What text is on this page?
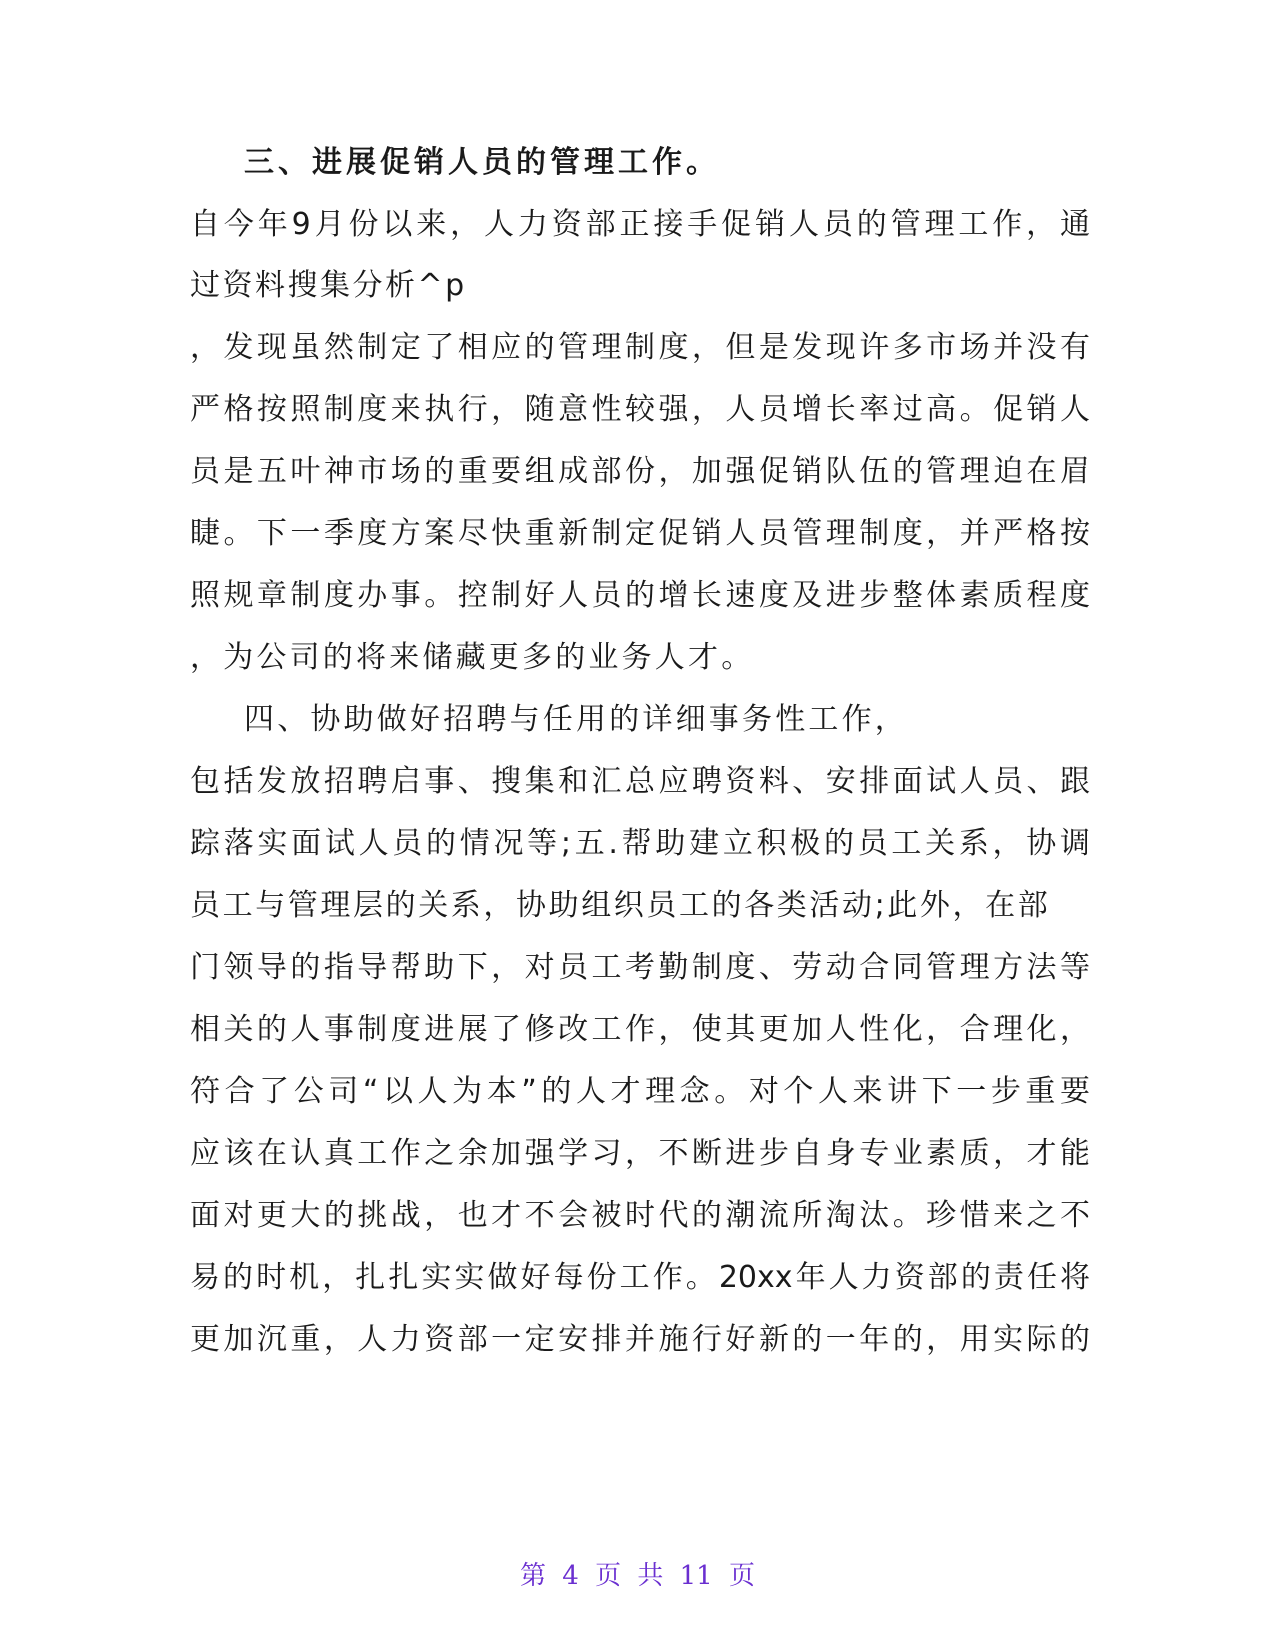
三、进展促销人员的管理工作。
自今年9月份以来，人力资部正接手促销人员的管理工作，通
过资料搜集分析^p
，发现虽然制定了相应的管理制度，但是发现许多市场并没有
严格按照制度来执行，随意性较强，人员增长率过高。促销人
员是五叶神市场的重要组成部份，加强促销队伍的管理迫在眉
睫。下一季度方案尽快重新制定促销人员管理制度，并严格按
照规章制度办事。控制好人员的增长速度及进步整体素质程度
，为公司的将来储藏更多的业务人才。
四、协助做好招聘与任用的详细事务性工作，
包括发放招聘启事、搜集和汇总应聘资料、安排面试人员、跟
踪落实面试人员的情况等;五.帮助建立积极的员工关系，协调
员工与管理层的关系，协助组织员工的各类活动;此外，在部
门领导的指导帮助下，对员工考勤制度、劳动合同管理方法等
相关的人事制度进展了修改工作，使其更加人性化，合理化，
符合了公司“以人为本”的人才理念。对个人来讲下一步重要
应该在认真工作之余加强学习，不断进步自身专业素质，才能
面对更大的挑战，也才不会被时代的潮流所淘汰。珍惜来之不
易的时机，扎扎实实做好每份工作。20xx年人力资部的责任将
更加沉重，人力资部一定安排并施行好新的一年的，用实际的
第 4 页 共 11 页
